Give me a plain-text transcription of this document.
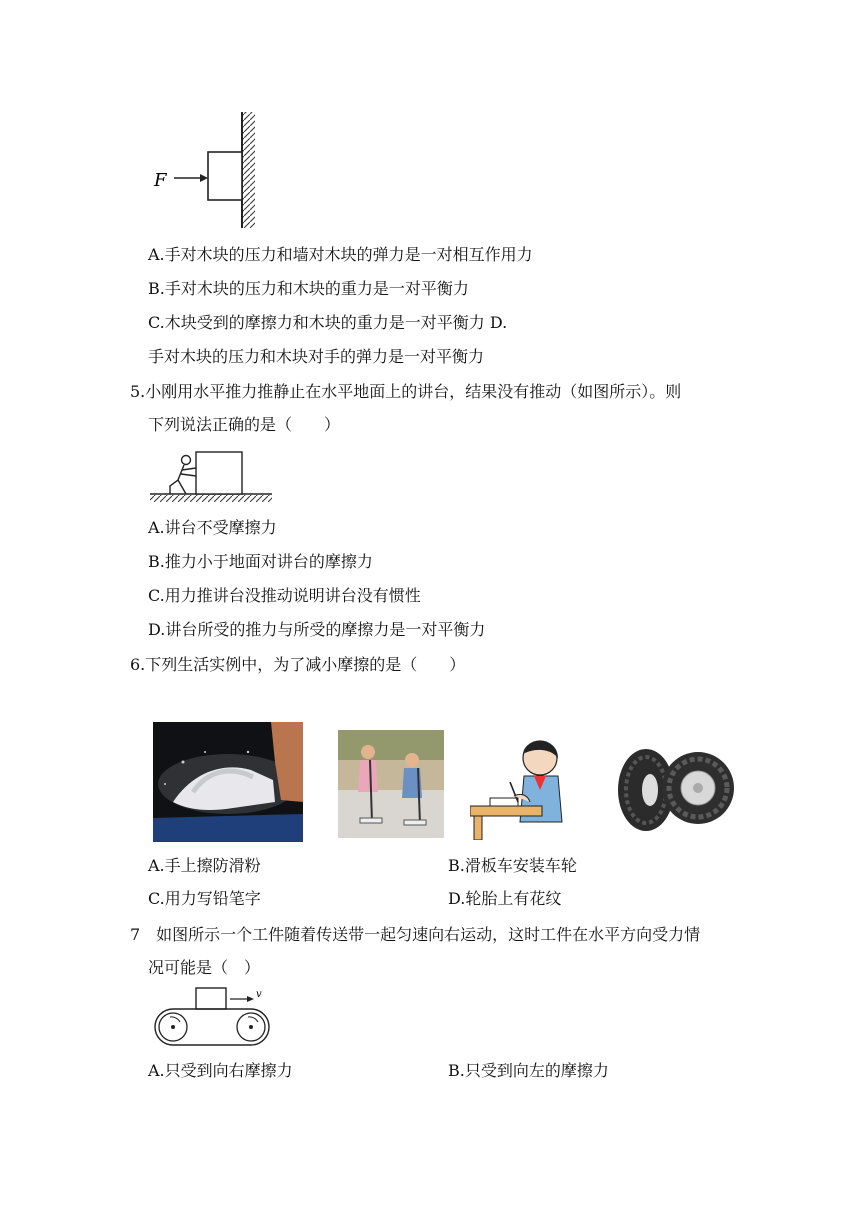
F
A.手对木块的压力和墙对木块的弹力是一对相互作用力
B.手对木块的压力和木块的重力是一对平衡力
C.木块受到的摩擦力和木块的重力是一对平衡力 D.
手对木块的压力和木块对手的弹力是一对平衡力
5.小刚用水平推力推静止在水平地面上的讲台，结果没有推动（如图所示）。则
下列说法正确的是（　　）
A.讲台不受摩擦力
B.推力小于地面对讲台的摩擦力
C.用力推讲台没推动说明讲台没有惯性
D.讲台所受的推力与所受的摩擦力是一对平衡力
6.下列生活实例中，为了减小摩擦的是（　　）
A.手上擦防滑粉	B.滑板车安装车轮
C.用力写铅笔字	D.轮胎上有花纹
7　如图所示一个工件随着传送带一起匀速向右运动，这时工件在水平方向受力情
况可能是（　）
v
A.只受到向右摩擦力	B.只受到向左的摩擦力
